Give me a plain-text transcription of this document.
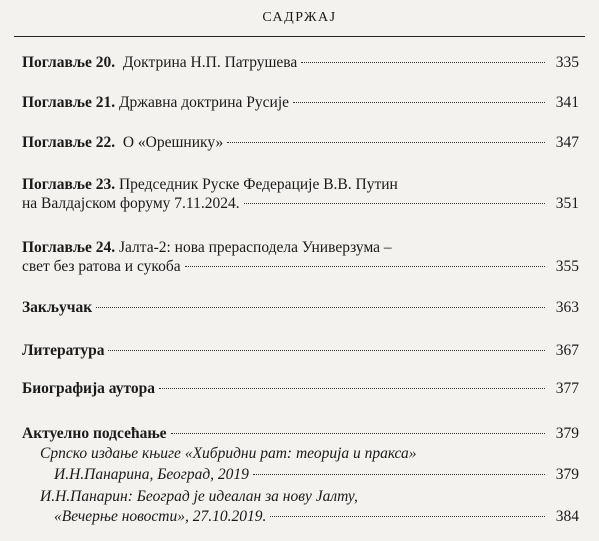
САДРЖАЈ
Поглавље 20. Доктрина Н.П. Патрушева	335
Поглавље 21. Државна доктрина Русије	341
Поглавље 22. О «Орешнику»	347
Поглавље 23. Председник Руске Федерације В.В. Путин
на Валдајском форуму 7.11.2024.	351
Поглавље 24. Јалта-2: нова прерасподела Универзума –
свет без ратова и сукоба	355
Закључак	363
Литература	367
Биографија аутора	377
Актуелно подсећање	379
Српско издање књиге «Хибридни рат: теорија и пракса»
И.Н.Панарина, Београд, 2019	379
И.Н.Панарин: Београд је идеалан за нову Јалту,
«Вечерње новости», 27.10.2019.	384
